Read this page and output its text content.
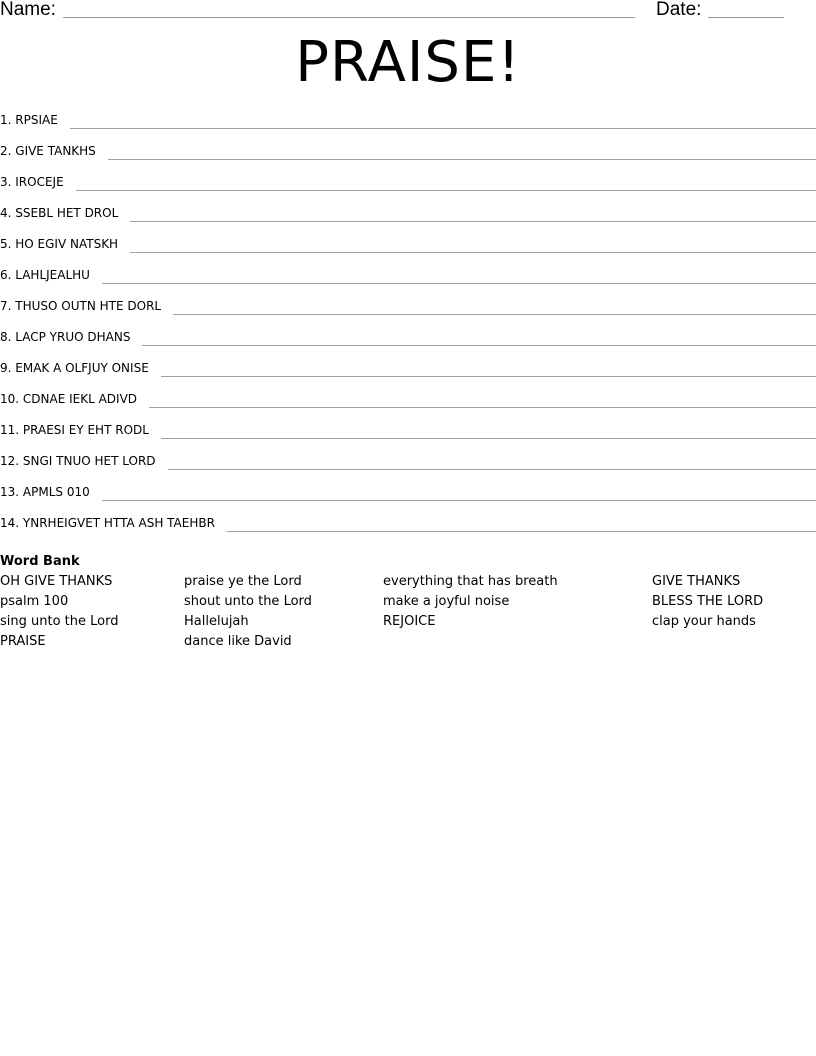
Name:	Date:
PRAISE!
1. RPSIAE
2. GIVE TANKHS
3. IROCEJE
4. SSEBL HET DROL
5. HO EGIV NATSKH
6. LAHLJEALHU
7. THUSO OUTN HTE DORL
8. LACP YRUO DHANS
9. EMAK A OLFJUY ONISE
10. CDNAE IEKL ADIVD
11. PRAESI EY EHT RODL
12. SNGI TNUO HET LORD
13. APMLS 010
14. YNRHEIGVET HTTA ASH TAEHBR
Word Bank
OH GIVE THANKS
psalm 100
sing unto the Lord
PRAISE
praise ye the Lord
shout unto the Lord
Hallelujah
dance like David
everything that has breath
make a joyful noise
REJOICE
GIVE THANKS
BLESS THE LORD
clap your hands
